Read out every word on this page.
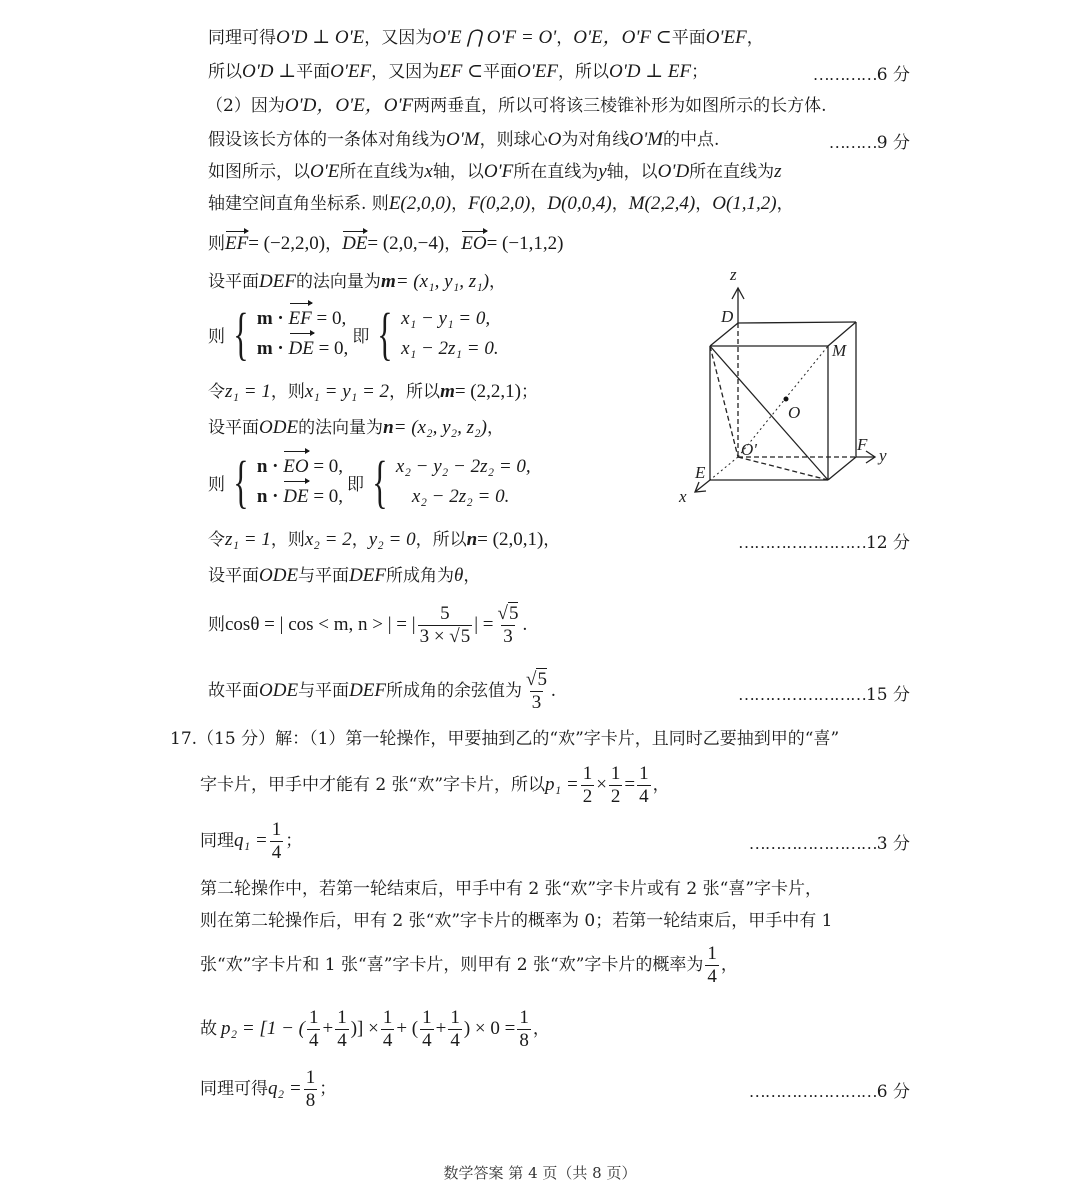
同理可得O'D ⊥ O'E，又因为O'E ⋂ O'F = O'，O'E，O'F ⊂平面O'EF，
所以O'D ⊥平面O'EF，又因为EF ⊂平面O'EF，所以O'D ⊥ EF；	…………6 分
（2）因为O'D，O'E，O'F两两垂直，所以可将该三棱锥补形为如图所示的长方体.
假设该长方体的一条体对角线为O'M，则球心O为对角线O'M的中点.	………9 分
如图所示，以O'E所在直线为x轴，以O'F所在直线为y轴，以O'D所在直线为z
轴建空间直角坐标系. 则E(2,0,0)，F(0,2,0)，D(0,0,4)，M(2,2,4)，O(1,1,2)，
则EF= (−2,2,0)，DE= (2,0,−4)，EO= (−1,1,2)
设平面DEF的法向量为m= (x₁, y₁, z₁)，
则 { m · EF = 0,
m · DE = 0,
即 { x₁ − y₁ = 0,
x₁ − 2z₁ = 0.
令z₁ = 1，则x₁ = y₁ = 2，所以m= (2,2,1)；
设平面ODE的法向量为n= (x₂, y₂, z₂)，
则 { n · EO = 0,
n · DE = 0,
即 { x₂ − y₂ − 2z₂ = 0,
x₂ − 2z₂ = 0.
令z₁ = 1，则x₂ = 2，y₂ = 0，所以n= (2,0,1)，	……………………12 分
设平面ODE与平面DEF所成角为θ，
则 cosθ = | cos < m, n > | = | $\frac{5}{3 \times √5}$ | = $\frac{√5}{3}$ .
故平面 ODE 与平面 DEF 所成角的余弦值为 $\frac{√5}{3}$ .	……………………15 分
17.（15 分）解：（1）第一轮操作，甲要抽到乙的“欢”字卡片，且同时乙要抽到甲的“喜”
字卡片，甲手中才能有 2 张“欢”字卡片，所以 $p_1 = \frac{1}{2} \times \frac{1}{2} = \frac{1}{4}$ ，
同理 $q_1 = \frac{1}{4}$ ；	……………………3 分
第二轮操作中，若第一轮结束后，甲手中有 2 张“欢”字卡片或有 2 张“喜”字卡片，
则在第二轮操作后，甲有 2 张“欢”字卡片的概率为 0；若第一轮结束后，甲手中有 1
张“欢”字卡片和 1 张“喜”字卡片，则甲有 2 张“欢”字卡片的概率为 $\frac{1}{4}$ ，
故 p₂ = [1 − ( $\frac{1}{4} + \frac{1}{4}$ )] × $\frac{1}{4}$ + ( $\frac{1}{4} + \frac{1}{4}$ ) × $0 = \frac{1}{8}$ ，
同理可得 $q_2 = \frac{1}{8}$ ；	……………………6 分
z
D
M
O
O'	F
y
E
x
数学答案 第 4 页（共 8 页）
